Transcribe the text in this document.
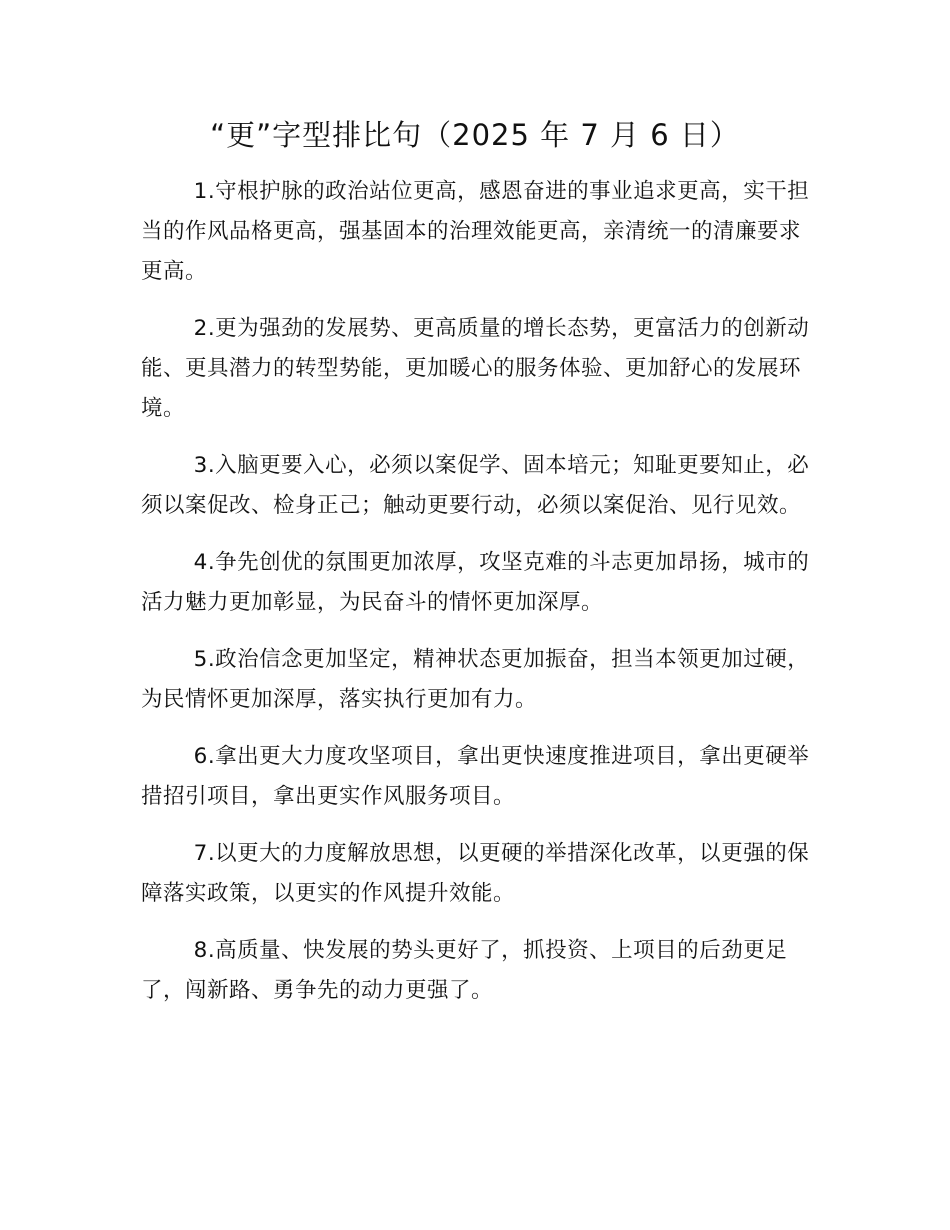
“更”字型排比句（2025 年 7 月 6 日）

1.守根护脉的政治站位更高，感恩奋进的事业追求更高，实干担当的作风品格更高，强基固本的治理效能更高，亲清统一的清廉要求更高。

2.更为强劲的发展势、更高质量的增长态势，更富活力的创新动能、更具潜力的转型势能，更加暖心的服务体验、更加舒心的发展环境。

3.入脑更要入心，必须以案促学、固本培元；知耻更要知止，必须以案促改、检身正己；触动更要行动，必须以案促治、见行见效。

4.争先创优的氛围更加浓厚，攻坚克难的斗志更加昂扬，城市的活力魅力更加彰显，为民奋斗的情怀更加深厚。

5.政治信念更加坚定，精神状态更加振奋，担当本领更加过硬，为民情怀更加深厚，落实执行更加有力。

6.拿出更大力度攻坚项目，拿出更快速度推进项目，拿出更硬举措招引项目，拿出更实作风服务项目。

7.以更大的力度解放思想，以更硬的举措深化改革，以更强的保障落实政策，以更实的作风提升效能。

8.高质量、快发展的势头更好了，抓投资、上项目的后劲更足了，闯新路、勇争先的动力更强了。
